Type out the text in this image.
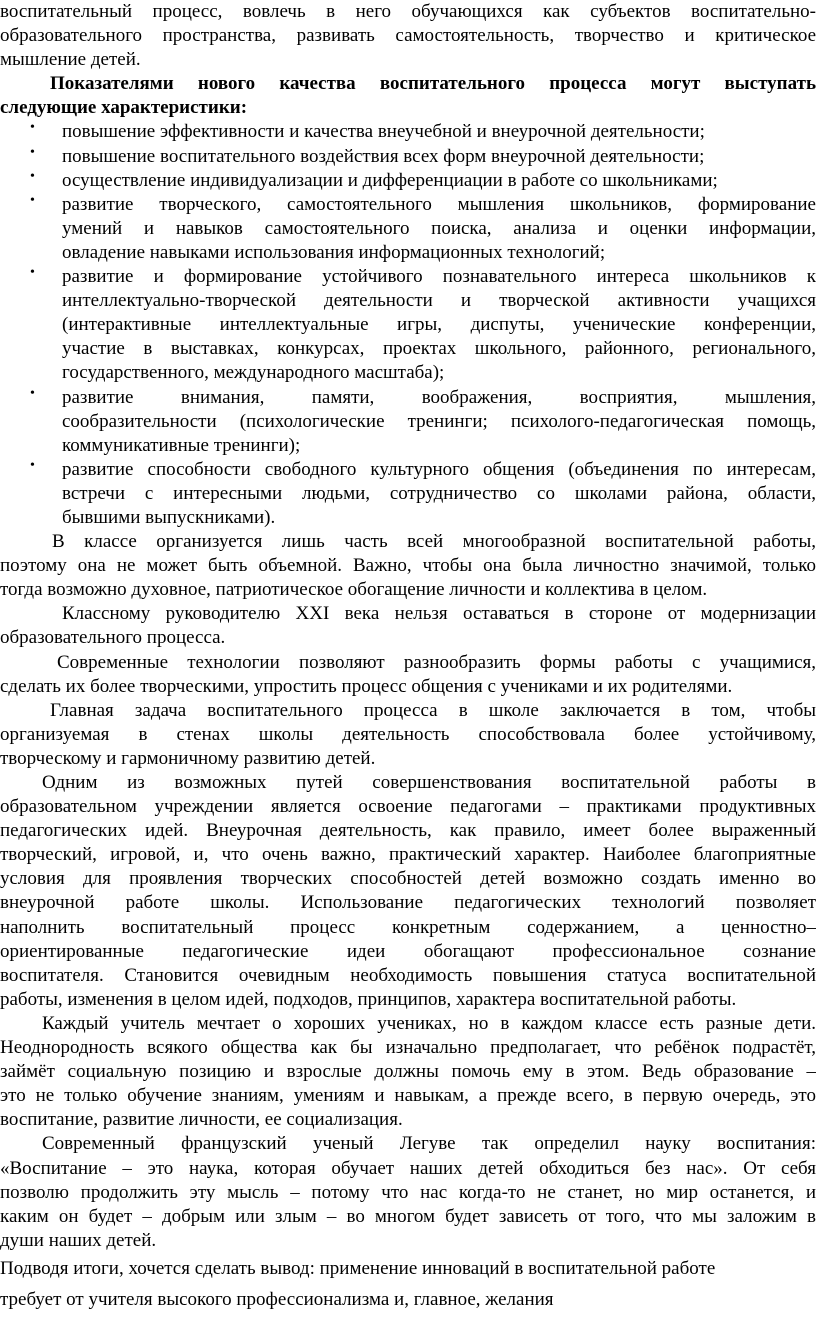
воспитательный процесс, вовлечь в него обучающихся как субъектов воспитательно-
образовательного пространства, развивать самостоятельность, творчество и критическое
мышление детей.
Показателями нового качества воспитательного процесса могут выступать
следующие характеристики:
• повышение эффективности и качества внеучебной и внеурочной деятельности;
• повышение воспитательного воздействия всех форм внеурочной деятельности;
• осуществление индивидуализации и дифференциации в работе со школьниками;
• развитие творческого, самостоятельного мышления школьников, формирование
умений и навыков самостоятельного поиска, анализа и оценки информации,
овладение навыками использования информационных технологий;
• развитие и формирование устойчивого познавательного интереса школьников к
интеллектуально-творческой деятельности и творческой активности учащихся
(интерактивные интеллектуальные игры, диспуты, ученические конференции,
участие в выставках, конкурсах, проектах школьного, районного, регионального,
государственного, международного масштаба);
• развитие внимания, памяти, воображения, восприятия, мышления,
сообразительности (психологические тренинги; психолого-педагогическая помощь,
коммуникативные тренинги);
• развитие способности свободного культурного общения (объединения по интересам,
встречи с интересными людьми, сотрудничество со школами района, области,
бывшими выпускниками).
В классе организуется лишь часть всей многообразной воспитательной работы,
поэтому она не может быть объемной. Важно, чтобы она была личностно значимой, только
тогда возможно духовное, патриотическое обогащение личности и коллектива в целом.
Классному руководителю XXI века нельзя оставаться в стороне от модернизации
образовательного процесса.
Современные технологии позволяют разнообразить формы работы с учащимися,
сделать их более творческими, упростить процесс общения с учениками и их родителями.
Главная задача воспитательного процесса в школе заключается в том, чтобы
организуемая в стенах школы деятельность способствовала более устойчивому,
творческому и гармоничному развитию детей.
Одним из возможных путей совершенствования воспитательной работы в
образовательном учреждении является освоение педагогами – практиками продуктивных
педагогических идей. Внеурочная деятельность, как правило, имеет более выраженный
творческий, игровой, и, что очень важно, практический характер. Наиболее благоприятные
условия для проявления творческих способностей детей возможно создать именно во
внеурочной работе школы. Использование педагогических технологий позволяет
наполнить воспитательный процесс конкретным содержанием, а ценностно–
ориентированные педагогические идеи обогащают профессиональное сознание
воспитателя. Становится очевидным необходимость повышения статуса воспитательной
работы, изменения в целом идей, подходов, принципов, характера воспитательной работы.
Каждый учитель мечтает о хороших учениках, но в каждом классе есть разные дети.
Неоднородность всякого общества как бы изначально предполагает, что ребёнок подрастёт,
займёт социальную позицию и взрослые должны помочь ему в этом. Ведь образование –
это не только обучение знаниям, умениям и навыкам, а прежде всего, в первую очередь, это
воспитание, развитие личности, ее социализация.
Современный французский ученый Легуве так определил науку воспитания:
«Воспитание – это наука, которая обучает наших детей обходиться без нас». От себя
позволю продолжить эту мысль – потому что нас когда-то не станет, но мир останется, и
каким он будет – добрым или злым – во многом будет зависеть от того, что мы заложим в
души наших детей.
Подводя итоги, хочется сделать вывод: применение инноваций в воспитательной работе
требует от учителя высокого профессионализма и, главное, желания
